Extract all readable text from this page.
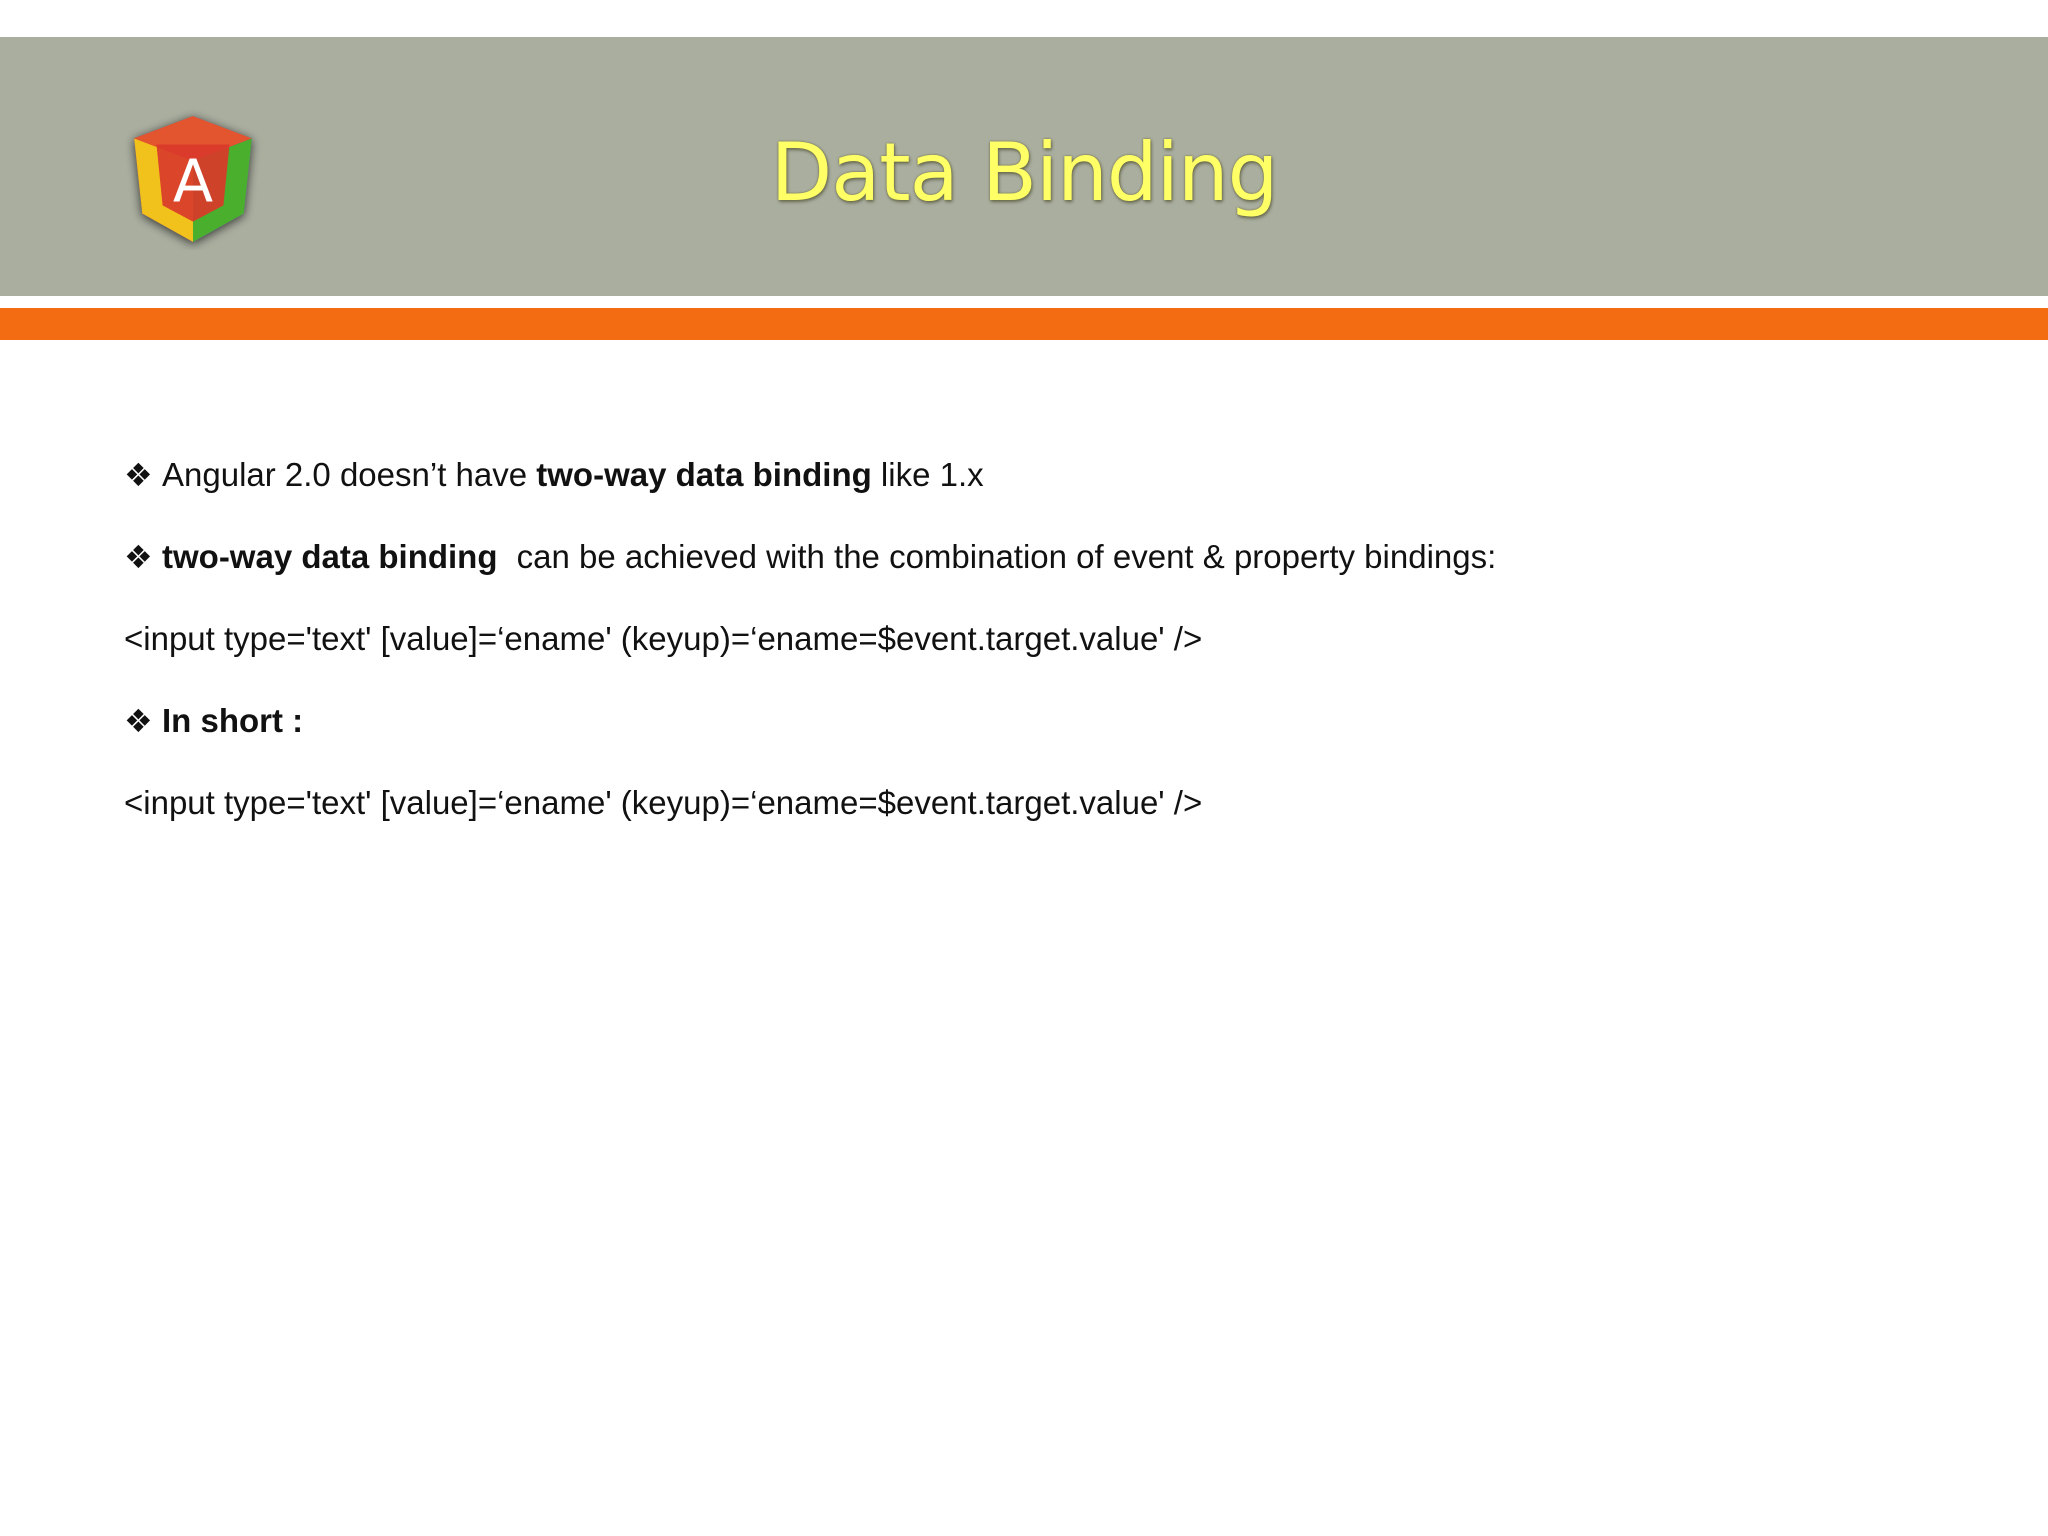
A	Data Binding
❖ Angular 2.0 doesn’t have two-way data binding like 1.x
❖ two-way data binding can be achieved with the combination of event & property bindings:
<input type='text' [value]=‘ename' (keyup)=‘ename=$event.target.value' />
❖ In short :
<input type='text' [value]=‘ename' (keyup)=‘ename=$event.target.value' />
